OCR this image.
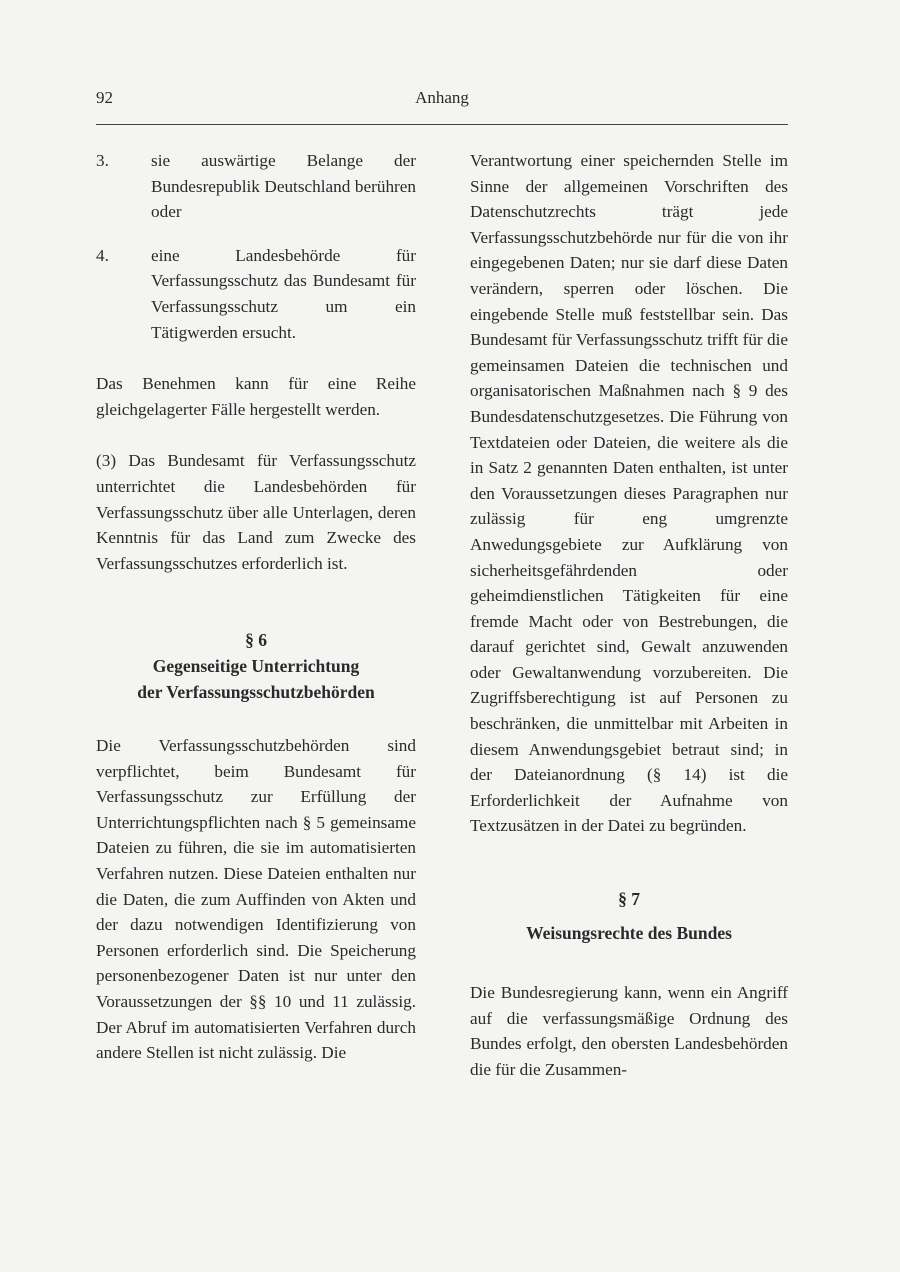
92	Anhang
3. sie auswärtige Belange der Bundesrepublik Deutschland berühren oder

4. eine Landesbehörde für Verfassungsschutz das Bundesamt für Verfassungsschutz um ein Tätigwerden ersucht.

Das Benehmen kann für eine Reihe gleichgelagerter Fälle hergestellt werden.

(3) Das Bundesamt für Verfassungsschutz unterrichtet die Landesbehörden für Verfassungsschutz über alle Unterlagen, deren Kenntnis für das Land zum Zwecke des Verfassungsschutzes erforderlich ist.

§ 6
Gegenseitige Unterrichtung
der Verfassungsschutzbehörden

Die Verfassungsschutzbehörden sind verpflichtet, beim Bundesamt für Verfassungsschutz zur Erfüllung der Unterrichtungspflichten nach § 5 gemeinsame Dateien zu führen, die sie im automatisierten Verfahren nutzen. Diese Dateien enthalten nur die Daten, die zum Auffinden von Akten und der dazu notwendigen Identifizierung von Personen erforderlich sind. Die Speicherung personenbezogener Daten ist nur unter den Voraussetzungen der §§ 10 und 11 zulässig. Der Abruf im automatisierten Verfahren durch andere Stellen ist nicht zulässig. Die

Verantwortung einer speichernden Stelle im Sinne der allgemeinen Vorschriften des Datenschutzrechts trägt jede Verfassungsschutzbehörde nur für die von ihr eingegebenen Daten; nur sie darf diese Daten verändern, sperren oder löschen. Die eingebende Stelle muß feststellbar sein. Das Bundesamt für Verfassungsschutz trifft für die gemeinsamen Dateien die technischen und organisatorischen Maßnahmen nach § 9 des Bundesdatenschutzgesetzes. Die Führung von Textdateien oder Dateien, die weitere als die in Satz 2 genannten Daten enthalten, ist unter den Voraussetzungen dieses Paragraphen nur zulässig für eng umgrenzte Anwedungsgebiete zur Aufklärung von sicherheitsgefährdenden oder geheimdienstlichen Tätigkeiten für eine fremde Macht oder von Bestrebungen, die darauf gerichtet sind, Gewalt anzuwenden oder Gewaltanwendung vorzubereiten. Die Zugriffsberechtigung ist auf Personen zu beschränken, die unmittelbar mit Arbeiten in diesem Anwendungsgebiet betraut sind; in der Dateianordnung (§ 14) ist die Erforderlichkeit der Aufnahme von Textzusätzen in der Datei zu begründen.

§ 7
Weisungsrechte des Bundes

Die Bundesregierung kann, wenn ein Angriff auf die verfassungsmäßige Ordnung des Bundes erfolgt, den obersten Landesbehörden die für die Zusammen-
